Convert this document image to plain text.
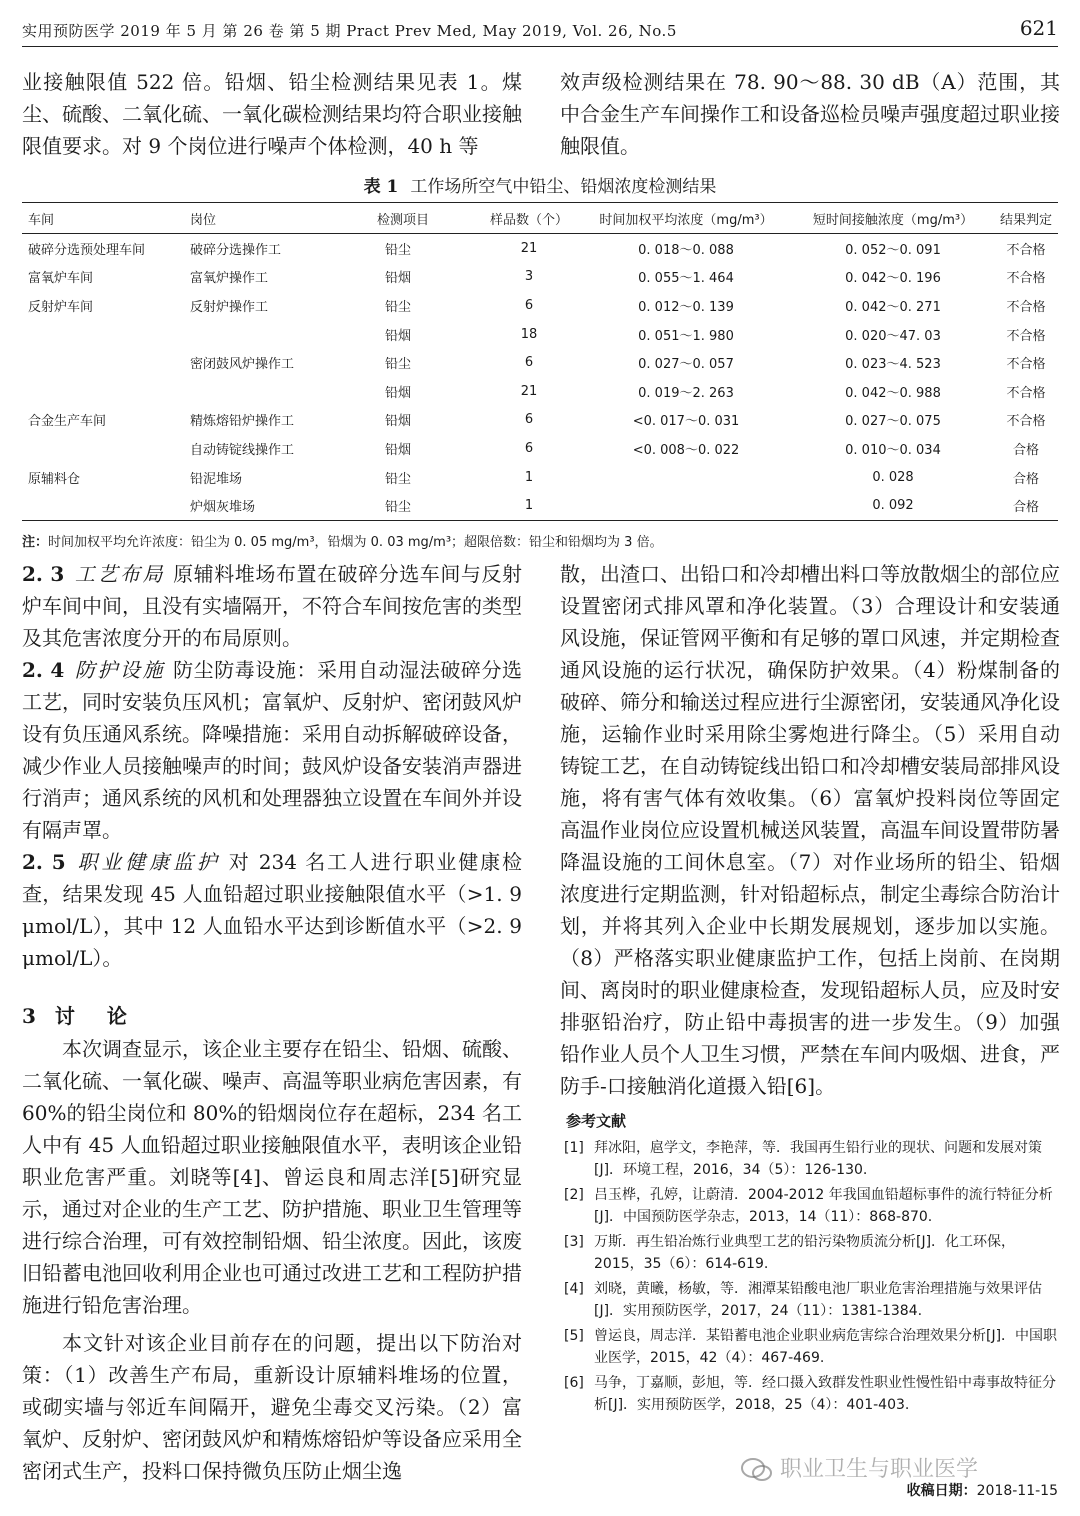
实用预防医学 2019 年 5 月 第 26 卷 第 5 期 Pract Prev Med, May 2019, Vol. 26, No.5	621

业接触限值 522 倍。铅烟、铅尘检测结果见表 1。煤尘、硫酸、二氧化硫、一氧化碳检测结果均符合职业接触限值要求。对 9 个岗位进行噪声个体检测，40 h 等

效声级检测结果在 78. 90～88. 30 dB（A）范围，其中合金生产车间操作工和设备巡检员噪声强度超过职业接触限值。

表 1 工作场所空气中铅尘、铅烟浓度检测结果
车间	岗位	检测项目	样品数（个）	时间加权平均浓度（mg/m³）	短时间接触浓度（mg/m³）	结果判定
破碎分选预处理车间	破碎分选操作工	铅尘	21	0. 018～0. 088	0. 052～0. 091	不合格
富氧炉车间	富氧炉操作工	铅烟	3	0. 055～1. 464	0. 042～0. 196	不合格
反射炉车间	反射炉操作工	铅尘	6	0. 012～0. 139	0. 042～0. 271	不合格
		铅烟	18	0. 051～1. 980	0. 020～47. 03	不合格
	密闭鼓风炉操作工	铅尘	6	0. 027～0. 057	0. 023～4. 523	不合格
		铅烟	21	0. 019～2. 263	0. 042～0. 988	不合格
合金生产车间	精炼熔铅炉操作工	铅烟	6	<0. 017～0. 031	0. 027～0. 075	不合格
	自动铸锭线操作工	铅烟	6	<0. 008～0. 022	0. 010～0. 034	合格
原辅料仓	铅泥堆场	铅尘	1		0. 028	合格
	炉烟灰堆场	铅尘	1		0. 092	合格
注：时间加权平均允许浓度：铅尘为 0. 05 mg/m³，铅烟为 0. 03 mg/m³；超限倍数：铅尘和铅烟均为 3 倍。

2. 3 工艺布局 原辅料堆场布置在破碎分选车间与反射炉车间中间，且没有实墙隔开，不符合车间按危害的类型及其危害浓度分开的布局原则。

2. 4 防护设施 防尘防毒设施：采用自动湿法破碎分选工艺，同时安装负压风机；富氧炉、反射炉、密闭鼓风炉设有负压通风系统。降噪措施：采用自动拆解破碎设备，减少作业人员接触噪声的时间；鼓风炉设备安装消声器进行消声；通风系统的风机和处理器独立设置在车间外并设有隔声罩。

2. 5 职业健康监护 对 234 名工人进行职业健康检查，结果发现 45 人血铅超过职业接触限值水平（>1. 9 μmol/L），其中 12 人血铅水平达到诊断值水平（>2. 9 μmol/L）。

3 讨　论

本次调查显示，该企业主要存在铅尘、铅烟、硫酸、二氧化硫、一氧化碳、噪声、高温等职业病危害因素，有 60%的铅尘岗位和 80%的铅烟岗位存在超标，234 名工人中有 45 人血铅超过职业接触限值水平，表明该企业铅职业危害严重。刘晓等[4]、曾运良和周志洋[5]研究显示，通过对企业的生产工艺、防护措施、职业卫生管理等进行综合治理，可有效控制铅烟、铅尘浓度。因此，该废旧铅蓄电池回收利用企业也可通过改进工艺和工程防护措施进行铅危害治理。

本文针对该企业目前存在的问题，提出以下防治对策：（1）改善生产布局，重新设计原辅料堆场的位置，或砌实墙与邻近车间隔开，避免尘毒交叉污染。（2）富氧炉、反射炉、密闭鼓风炉和精炼熔铅炉等设备应采用全密闭式生产，投料口保持微负压防止烟尘逸

散，出渣口、出铅口和冷却槽出料口等放散烟尘的部位应设置密闭式排风罩和净化装置。（3）合理设计和安装通风设施，保证管网平衡和有足够的罩口风速，并定期检查通风设施的运行状况，确保防护效果。（4）粉煤制备的破碎、筛分和输送过程应进行尘源密闭，安装通风净化设施，运输作业时采用除尘雾炮进行降尘。（5）采用自动铸锭工艺，在自动铸锭线出铅口和冷却槽安装局部排风设施，将有害气体有效收集。（6）富氧炉投料岗位等固定高温作业岗位应设置机械送风装置，高温车间设置带防暑降温设施的工间休息室。（7）对作业场所的铅尘、铅烟浓度进行定期监测，针对铅超标点，制定尘毒综合防治计划，并将其列入企业中长期发展规划，逐步加以实施。（8）严格落实职业健康监护工作，包括上岗前、在岗期间、离岗时的职业健康检查，发现铅超标人员，应及时安排驱铅治疗，防止铅中毒损害的进一步发生。（9）加强铅作业人员个人卫生习惯，严禁在车间内吸烟、进食，严防手-口接触消化道摄入铅[6]。

参考文献
[1] 拜冰阳，扈学文，李艳萍，等．我国再生铅行业的现状、问题和发展对策[J]．环境工程，2016，34（5）：126-130.
[2] 吕玉桦，孔婷，让蔚清．2004-2012 年我国血铅超标事件的流行特征分析[J]．中国预防医学杂志，2013，14（11）：868-870.
[3] 万斯．再生铅冶炼行业典型工艺的铅污染物质流分析[J]．化工环保，2015，35（6）：614-619.
[4] 刘晓，黄曦，杨敏，等．湘潭某铅酸电池厂职业危害治理措施与效果评估[J]．实用预防医学，2017，24（11）：1381-1384.
[5] 曾运良，周志洋．某铅蓄电池企业职业病危害综合治理效果分析[J]．中国职业医学，2015，42（4）：467-469.
[6] 马争，丁嘉顺，彭旭，等．经口摄入致群发性职业性慢性铅中毒事故特征分析[J]．实用预防医学，2018，25（4）：401-403.
职业卫生与职业医学
收稿日期：2018-11-15
